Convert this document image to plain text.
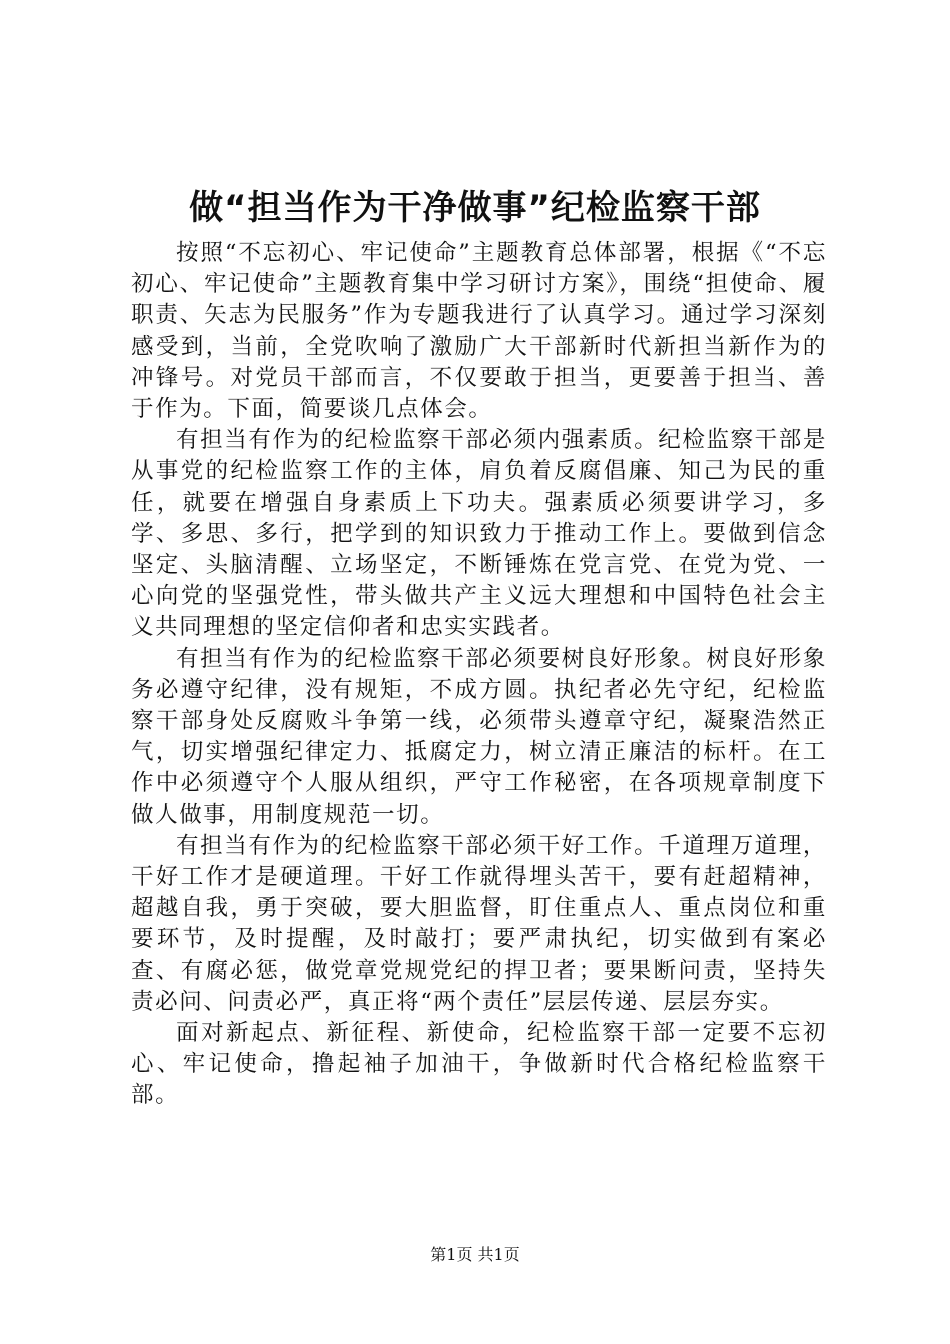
做“担当作为干净做事”纪检监察干部

按照“不忘初心、牢记使命”主题教育总体部署，根据《“不忘初心、牢记使命”主题教育集中学习研讨方案》，围绕“担使命、履职责、矢志为民服务”作为专题我进行了认真学习。通过学习深刻感受到，当前，全党吹响了激励广大干部新时代新担当新作为的冲锋号。对党员干部而言，不仅要敢于担当，更要善于担当、善于作为。下面，简要谈几点体会。

有担当有作为的纪检监察干部必须内强素质。纪检监察干部是从事党的纪检监察工作的主体，肩负着反腐倡廉、知己为民的重任，就要在增强自身素质上下功夫。强素质必须要讲学习，多学、多思、多行，把学到的知识致力于推动工作上。要做到信念坚定、头脑清醒、立场坚定，不断锤炼在党言党、在党为党、一心向党的坚强党性，带头做共产主义远大理想和中国特色社会主义共同理想的坚定信仰者和忠实实践者。

有担当有作为的纪检监察干部必须要树良好形象。树良好形象务必遵守纪律，没有规矩，不成方圆。执纪者必先守纪，纪检监察干部身处反腐败斗争第一线，必须带头遵章守纪，凝聚浩然正气，切实增强纪律定力、抵腐定力，树立清正廉洁的标杆。在工作中必须遵守个人服从组织，严守工作秘密，在各项规章制度下做人做事，用制度规范一切。

有担当有作为的纪检监察干部必须干好工作。千道理万道理，干好工作才是硬道理。干好工作就得埋头苦干，要有赶超精神，超越自我，勇于突破，要大胆监督，盯住重点人、重点岗位和重要环节，及时提醒，及时敲打；要严肃执纪，切实做到有案必查、有腐必惩，做党章党规党纪的捍卫者；要果断问责，坚持失责必问、问责必严，真正将“两个责任”层层传递、层层夯实。

面对新起点、新征程、新使命，纪检监察干部一定要不忘初心、牢记使命，撸起袖子加油干，争做新时代合格纪检监察干部。

第1页 共1页
